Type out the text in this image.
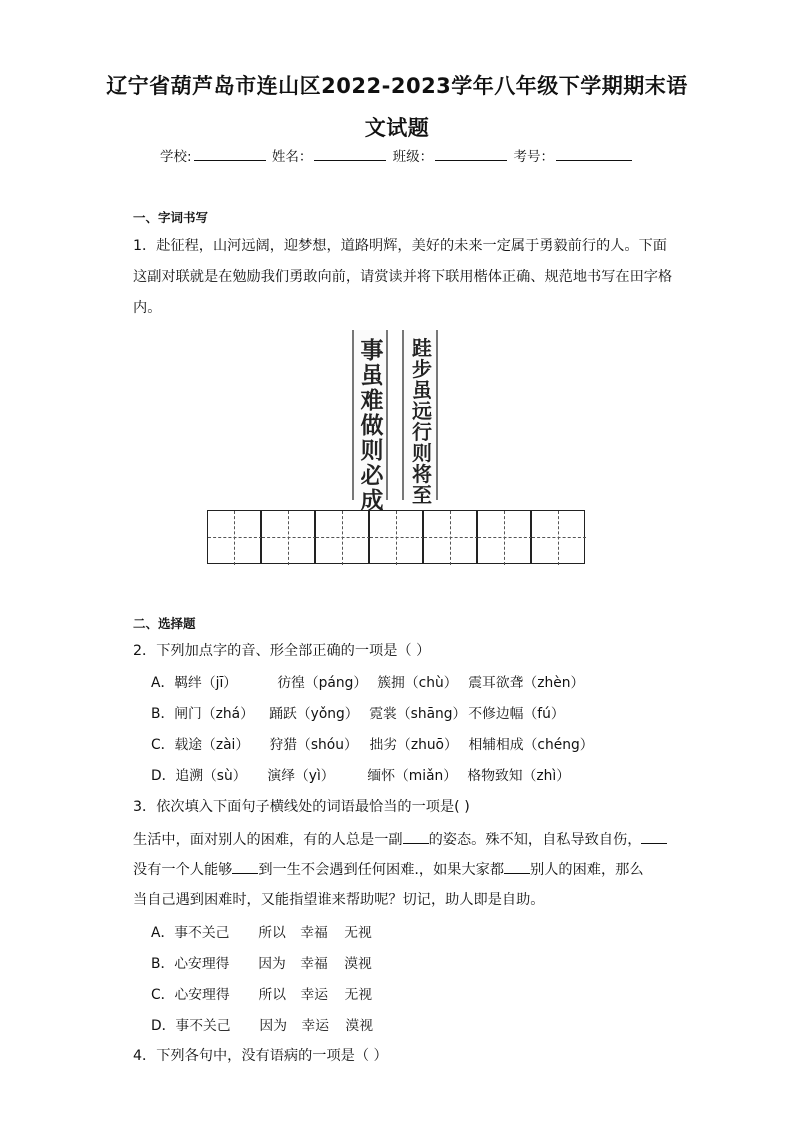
辽宁省葫芦岛市连山区2022-2023学年八年级下学期期末语
文试题
学校:	姓名：	班级：	考号：
一、字词书写
1．赴征程，山河远阔，迎梦想，道路明辉，美好的未来一定属于勇毅前行的人。下面
这副对联就是在勉励我们勇敢向前，请赏读并将下联用楷体正确、规范地书写在田字格
内。
事
虽
难
做
则
必
成
跬
步
虽
远
行
则
将
至
二、选择题
2．下列加点字的音、形全部正确的一项是（ ）
A．羁绊（jī）	彷徨（páng） 簇拥（chù） 震耳欲聋（zhèn）
B．闸门（zhá） 踊跃（yǒng） 霓裳（shāng） 不修边幅（fú）
C．载途（zài） 狩猎（shóu） 拙劣（zhuō） 相辅相成（chéng）
D．追溯（sù） 演绎（yì） 缅怀（miǎn） 格物致知（zhì）
3．依次填入下面句子横线处的词语最恰当的一项是( )
生活中，面对别人的困难，有的人总是一副 的姿态。殊不知，自私导致自伤，
没有一个人能够 到一生不会遇到任何困难.，如果大家都 别人的困难，那么
当自己遇到困难时，又能指望谁来帮助呢？切记，助人即是自助。
A．事不关己 所以 幸福 无视
B．心安理得 因为 幸福 漠视
C．心安理得 所以 幸运 无视
D．事不关己 因为 幸运 漠视
4．下列各句中，没有语病的一项是（ ）
